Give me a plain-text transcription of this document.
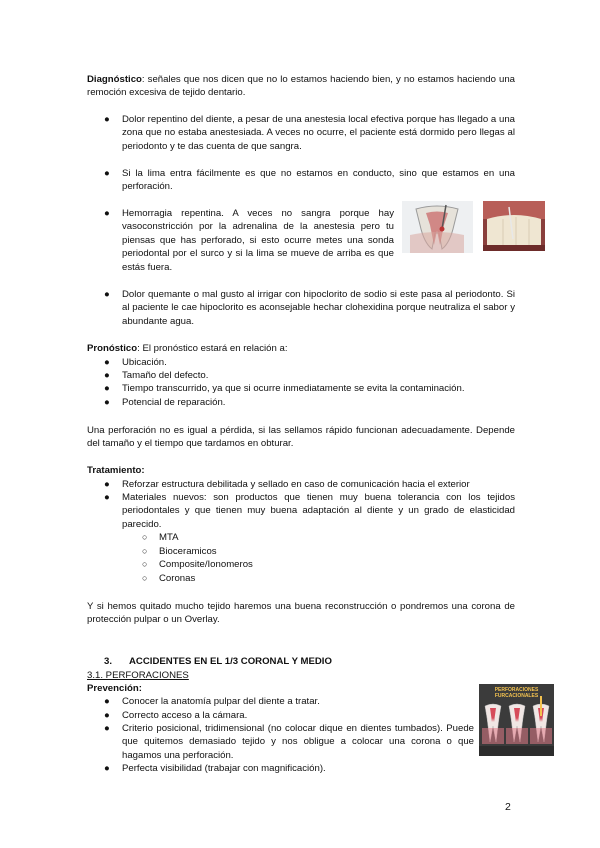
Diagnóstico: señales que nos dicen que no lo estamos haciendo bien, y no estamos haciendo una remoción excesiva de tejido dentario.
● Dolor repentino del diente, a pesar de una anestesia local efectiva porque has llegado a una zona que no estaba anestesiada. A veces no ocurre, el paciente está dormido pero llegas al periodonto y te das cuenta de que sangra.
● Si la lima entra fácilmente es que no estamos en conducto, sino que estamos en una perforación.
● Hemorragia repentina. A veces no sangra porque hay vasoconstricción por la adrenalina de la anestesia pero tu piensas que has perforado, si esto ocurre metes una sonda periodontal por el surco y si la lima se mueve de arriba es que estás fuera.
● Dolor quemante o mal gusto al irrigar con hipoclorito de sodio si este pasa al periodonto. Si al paciente le cae hipoclorito es aconsejable hechar clohexidina porque neutraliza el sabor y abundante agua.
Pronóstico: El pronóstico estará en relación a:
● Ubicación.
● Tamaño del defecto.
● Tiempo transcurrido, ya que si ocurre inmediatamente se evita la contaminación.
● Potencial de reparación.
Una perforación no es igual a pérdida, si las sellamos rápido funcionan adecuadamente. Depende del tamaño y el tiempo que tardamos en obturar.
Tratamiento:
● Reforzar estructura debilitada y sellado en caso de comunicación hacia el exterior
● Materiales nuevos: son productos que tienen muy buena tolerancia con los tejidos periodontales y que tienen muy buena adaptación al diente y un grado de elasticidad parecido.
○ MTA
○ Bioceramicos
○ Composite/Ionomeros
○ Coronas
Y si hemos quitado mucho tejido haremos una buena reconstrucción o pondremos una corona de protección pulpar o un Overlay.
3. ACCIDENTES EN EL 1/3 CORONAL Y MEDIO
3.1. PERFORACIONES
Prevención:
● Conocer la anatomía pulpar del diente a tratar.
● Correcto acceso a la cámara.
● Criterio posicional, tridimensional (no colocar dique en dientes tumbados). Puede que quitemos demasiado tejido y nos obligue a colocar una corona o que hagamos una perforación.
● Perfecta visibilidad (trabajar con magnificación).
PERFORACIONES FURCACIONALES
2
